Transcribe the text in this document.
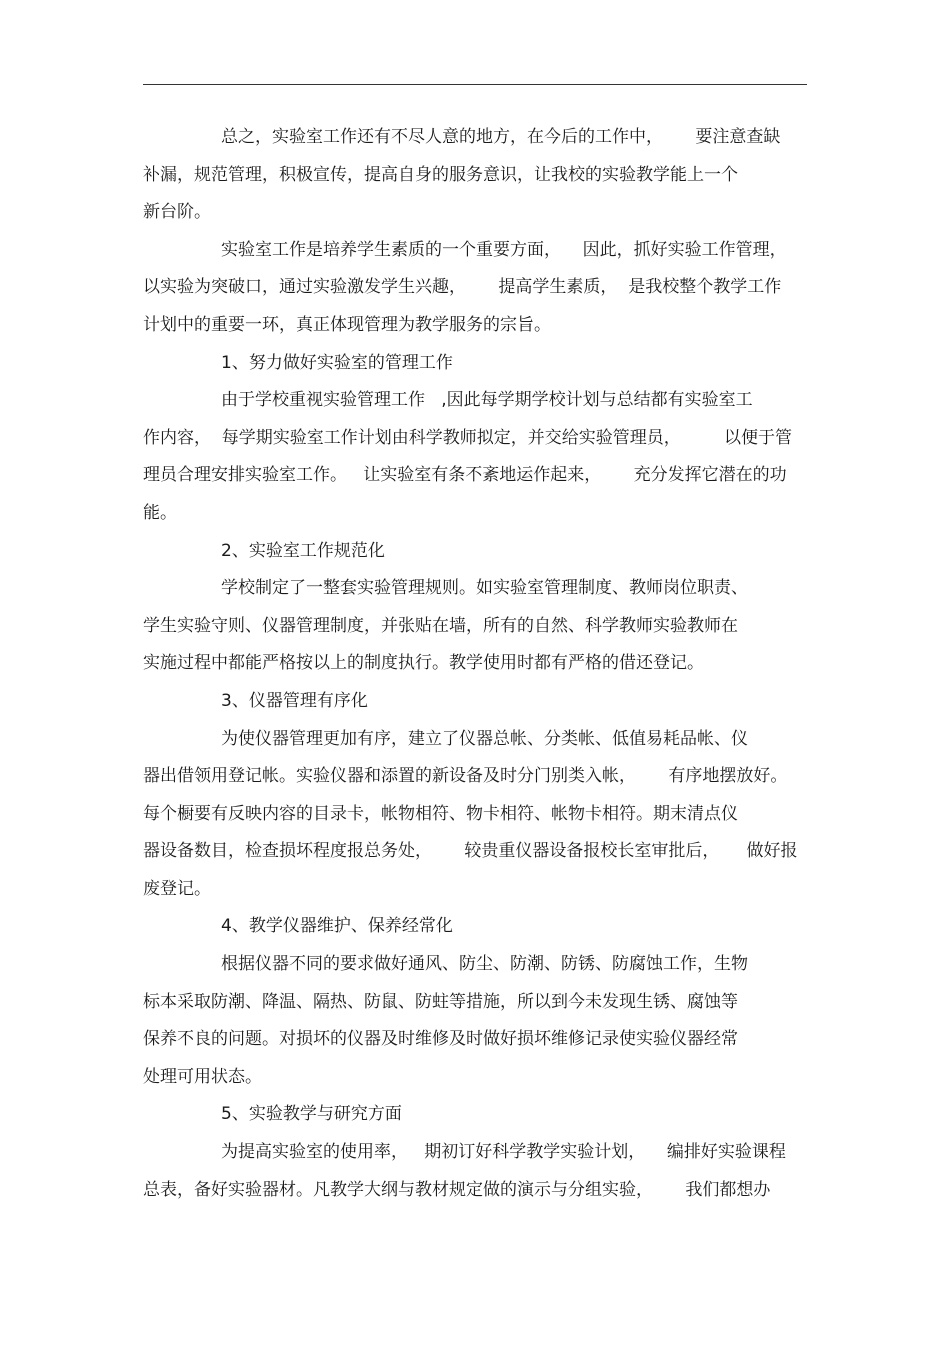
总之，实验室工作还有不尽人意的地方，在今后的工作中，      要注意查缺
补漏，规范管理，积极宣传，提高自身的服务意识，让我校的实验教学能上一个
新台阶。
实验室工作是培养学生素质的一个重要方面，    因此，抓好实验工作管理，
以实验为突破口，通过实验激发学生兴趣，      提高学生素质，  是我校整个教学工作
计划中的重要一环，真正体现管理为教学服务的宗旨。
1、努力做好实验室的管理工作
由于学校重视实验管理工作   ,因此每学期学校计划与总结都有实验室工
作内容，  每学期实验室工作计划由科学教师拟定，并交给实验管理员，        以便于管
理员合理安排实验室工作。   让实验室有条不紊地运作起来，      充分发挥它潜在的功
能。
2、实验室工作规范化
学校制定了一整套实验管理规则。如实验室管理制度、教师岗位职责、
学生实验守则、仪器管理制度，并张贴在墙，所有的自然、科学教师实验教师在
实施过程中都能严格按以上的制度执行。教学使用时都有严格的借还登记。
3、仪器管理有序化
为使仪器管理更加有序，建立了仪器总帐、分类帐、低值易耗品帐、仪
器出借领用登记帐。实验仪器和添置的新设备及时分门别类入帐，      有序地摆放好。
每个橱要有反映内容的目录卡，帐物相符、物卡相符、帐物卡相符。期末清点仪
器设备数目，检查损坏程度报总务处，      较贵重仪器设备报校长室审批后，     做好报
废登记。
4、教学仪器维护、保养经常化
根据仪器不同的要求做好通风、防尘、防潮、防锈、防腐蚀工作，生物
标本采取防潮、降温、隔热、防鼠、防蛀等措施，所以到今未发现生锈、腐蚀等
保养不良的问题。对损坏的仪器及时维修及时做好损坏维修记录使实验仪器经常
处理可用状态。
5、实验教学与研究方面
为提高实验室的使用率，   期初订好科学教学实验计划，    编排好实验课程
总表，备好实验器材。凡教学大纲与教材规定做的演示与分组实验，      我们都想办
